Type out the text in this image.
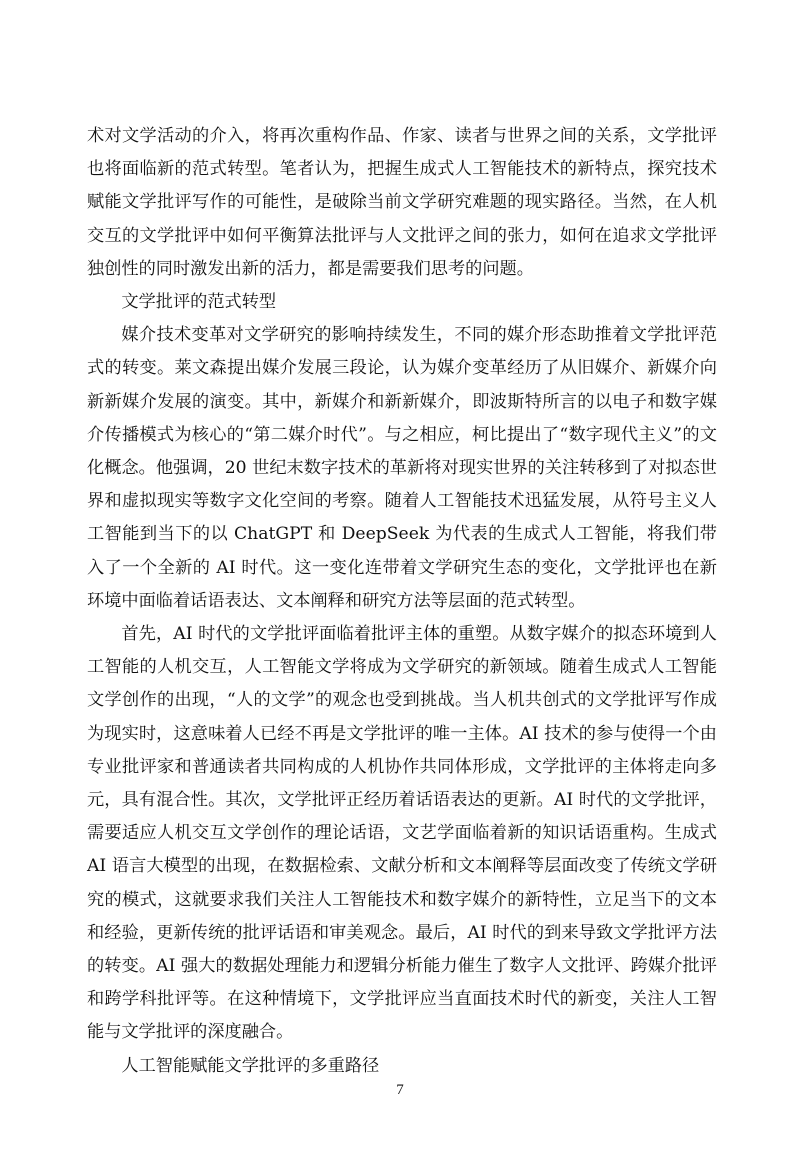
术对文学活动的介入，将再次重构作品、作家、读者与世界之间的关系，文学批评也将面临新的范式转型。笔者认为，把握生成式人工智能技术的新特点，探究技术赋能文学批评写作的可能性，是破除当前文学研究难题的现实路径。当然，在人机交互的文学批评中如何平衡算法批评与人文批评之间的张力，如何在追求文学批评独创性的同时激发出新的活力，都是需要我们思考的问题。

文学批评的范式转型

媒介技术变革对文学研究的影响持续发生，不同的媒介形态助推着文学批评范式的转变。莱文森提出媒介发展三段论，认为媒介变革经历了从旧媒介、新媒介向新新媒介发展的演变。其中，新媒介和新新媒介，即波斯特所言的以电子和数字媒介传播模式为核心的“第二媒介时代”。与之相应，柯比提出了“数字现代主义”的文化概念。他强调，20 世纪末数字技术的革新将对现实世界的关注转移到了对拟态世界和虚拟现实等数字文化空间的考察。随着人工智能技术迅猛发展，从符号主义人工智能到当下的以 ChatGPT 和 DeepSeek 为代表的生成式人工智能，将我们带入了一个全新的 AI 时代。这一变化连带着文学研究生态的变化，文学批评也在新环境中面临着话语表达、文本阐释和研究方法等层面的范式转型。

首先，AI 时代的文学批评面临着批评主体的重塑。从数字媒介的拟态环境到人工智能的人机交互，人工智能文学将成为文学研究的新领域。随着生成式人工智能文学创作的出现，“人的文学”的观念也受到挑战。当人机共创式的文学批评写作成为现实时，这意味着人已经不再是文学批评的唯一主体。AI 技术的参与使得一个由专业批评家和普通读者共同构成的人机协作共同体形成，文学批评的主体将走向多元，具有混合性。其次，文学批评正经历着话语表达的更新。AI 时代的文学批评，需要适应人机交互文学创作的理论话语，文艺学面临着新的知识话语重构。生成式 AI 语言大模型的出现，在数据检索、文献分析和文本阐释等层面改变了传统文学研究的模式，这就要求我们关注人工智能技术和数字媒介的新特性，立足当下的文本和经验，更新传统的批评话语和审美观念。最后，AI 时代的到来导致文学批评方法的转变。AI 强大的数据处理能力和逻辑分析能力催生了数字人文批评、跨媒介批评和跨学科批评等。在这种情境下，文学批评应当直面技术时代的新变，关注人工智能与文学批评的深度融合。

人工智能赋能文学批评的多重路径

7
